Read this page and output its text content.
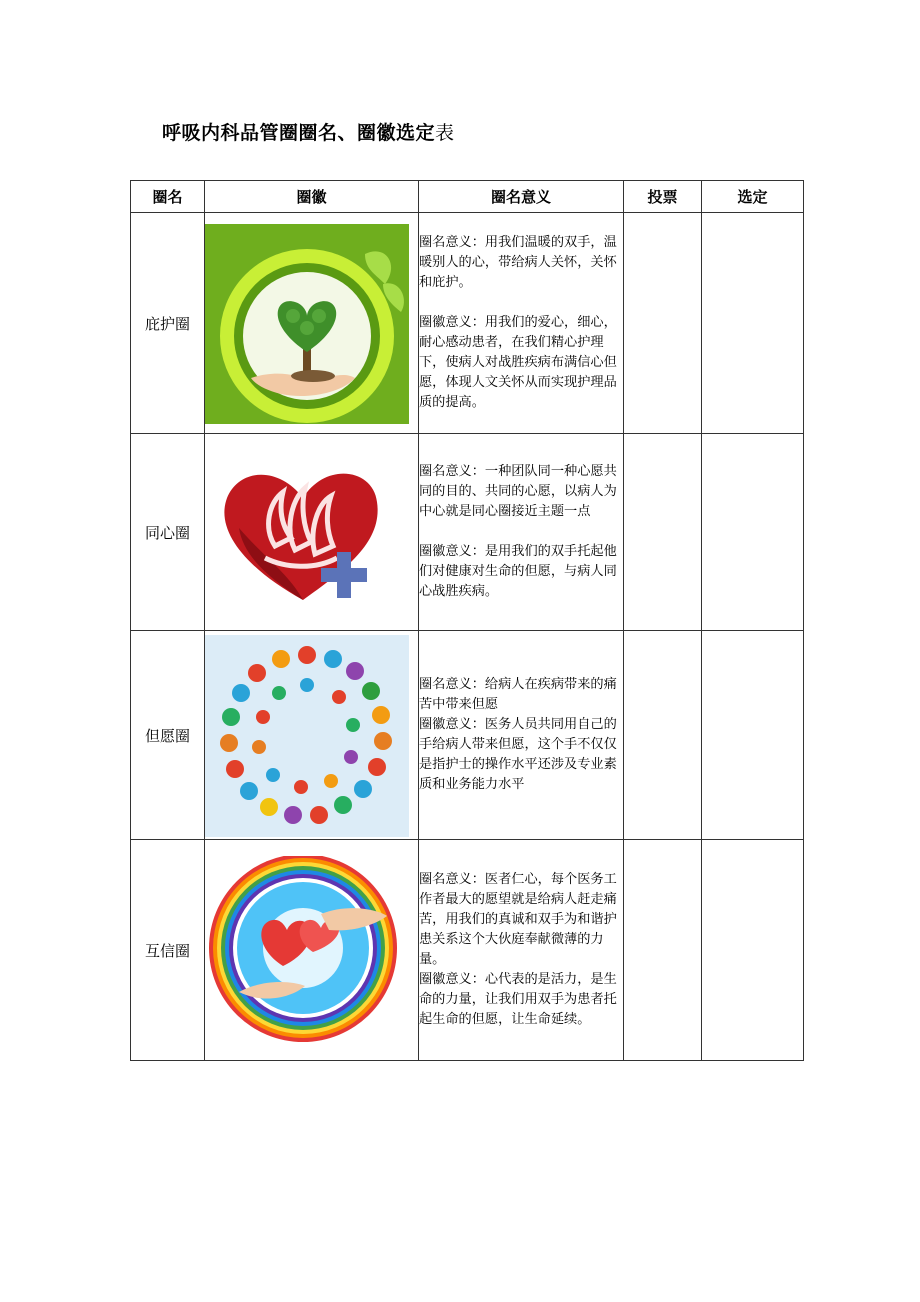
呼吸内科品管圈圈名、圈徽选定表
圈名	圈徽	圈名意义	投票	选定
庇护圈		圈名意义：用我们温暖的双手，温暖别人的心，带给病人关怀，关怀和庇护。

圈徽意义：用我们的爱心，细心，耐心感动患者，在我们精心护理下，使病人对战胜疾病布满信心但愿，体现人文关怀从而实现护理品质的提高。		

同心圈		圈名意义：一种团队同一种心愿共同的目的、共同的心愿，以病人为中心就是同心圈接近主题一点

圈徽意义：是用我们的双手托起他们对健康对生命的但愿，与病人同心战胜疾病。		

但愿圈		圈名意义：给病人在疾病带来的痛苦中带来但愿

圈徽意义：医务人员共同用自己的手给病人带来但愿，这个手不仅仅是指护士的操作水平还涉及专业素质和业务能力水平		

互信圈		圈名意义：医者仁心，每个医务工作者最大的愿望就是给病人赶走痛苦，用我们的真诚和双手为和谐护患关系这个大伙庭奉献微薄的力量。

圈徽意义：心代表的是活力，是生命的力量，让我们用双手为患者托起生命的但愿，让生命延续。		
